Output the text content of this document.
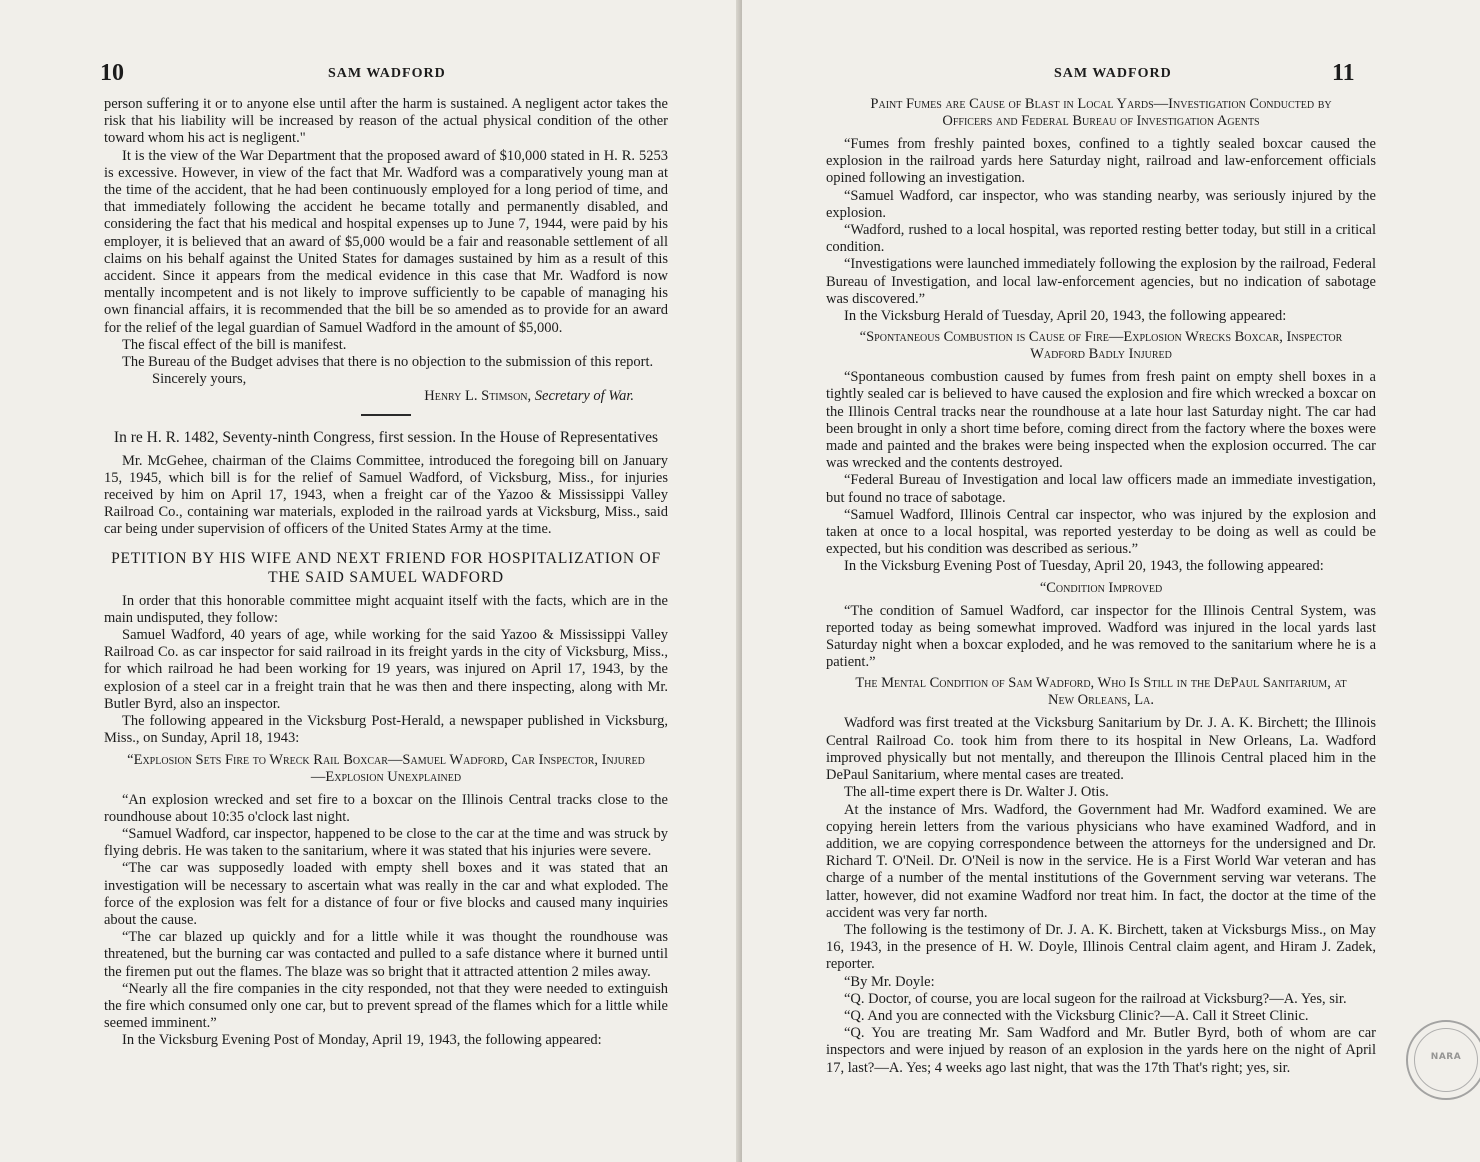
10	SAM WADFORD

person suffering it or to anyone else until after the harm is sustained. A negligent actor takes the risk that his liability will be increased by reason of the actual physical condition of the other toward whom his act is negligent."

It is the view of the War Department that the proposed award of $10,000 stated in H. R. 5253 is excessive. However, in view of the fact that Mr. Wadford was a comparatively young man at the time of the accident, that he had been continuously employed for a long period of time, and that immediately following the accident he became totally and permanently disabled, and considering the fact that his medical and hospital expenses up to June 7, 1944, were paid by his employer, it is believed that an award of $5,000 would be a fair and reasonable settlement of all claims on his behalf against the United States for damages sustained by him as a result of this accident. Since it appears from the medical evidence in this case that Mr. Wadford is now mentally incompetent and is not likely to improve sufficiently to be capable of managing his own financial affairs, it is recommended that the bill be so amended as to provide for an award for the relief of the legal guardian of Samuel Wadford in the amount of $5,000.

The fiscal effect of the bill is manifest.

The Bureau of the Budget advises that there is no objection to the submission of this report.

Sincerely yours,

Henry L. Stimson, Secretary of War.

In re H. R. 1482, Seventy-ninth Congress, first session. In the House of Representatives

Mr. McGehee, chairman of the Claims Committee, introduced the foregoing bill on January 15, 1945, which bill is for the relief of Samuel Wadford, of Vicksburg, Miss., for injuries received by him on April 17, 1943, when a freight car of the Yazoo & Mississippi Valley Railroad Co., containing war materials, exploded in the railroad yards at Vicksburg, Miss., said car being under supervision of officers of the United States Army at the time.

PETITION BY HIS WIFE AND NEXT FRIEND FOR HOSPITALIZATION OF THE SAID SAMUEL WADFORD

In order that this honorable committee might acquaint itself with the facts, which are in the main undisputed, they follow:

Samuel Wadford, 40 years of age, while working for the said Yazoo & Mississippi Valley Railroad Co. as car inspector for said railroad in its freight yards in the city of Vicksburg, Miss., for which railroad he had been working for 19 years, was injured on April 17, 1943, by the explosion of a steel car in a freight train that he was then and there inspecting, along with Mr. Butler Byrd, also an inspector.

The following appeared in the Vicksburg Post-Herald, a newspaper published in Vicksburg, Miss., on Sunday, April 18, 1943:

“Explosion Sets Fire to Wreck Rail Boxcar—Samuel Wadford, Car Inspector, Injured—Explosion Unexplained

“An explosion wrecked and set fire to a boxcar on the Illinois Central tracks close to the roundhouse about 10:35 o'clock last night.

“Samuel Wadford, car inspector, happened to be close to the car at the time and was struck by flying debris. He was taken to the sanitarium, where it was stated that his injuries were severe.

“The car was supposedly loaded with empty shell boxes and it was stated that an investigation will be necessary to ascertain what was really in the car and what exploded. The force of the explosion was felt for a distance of four or five blocks and caused many inquiries about the cause.

“The car blazed up quickly and for a little while it was thought the roundhouse was threatened, but the burning car was contacted and pulled to a safe distance where it burned until the firemen put out the flames. The blaze was so bright that it attracted attention 2 miles away.

“Nearly all the fire companies in the city responded, not that they were needed to extinguish the fire which consumed only one car, but to prevent spread of the flames which for a little while seemed imminent.”

In the Vicksburg Evening Post of Monday, April 19, 1943, the following appeared:

SAM WADFORD	11
Paint Fumes are Cause of Blast in Local Yards—Investigation Conducted by Officers and Federal Bureau of Investigation Agents

“Fumes from freshly painted boxes, confined to a tightly sealed boxcar caused the explosion in the railroad yards here Saturday night, railroad and law-enforcement officials opined following an investigation.

“Samuel Wadford, car inspector, who was standing nearby, was seriously injured by the explosion.

“Wadford, rushed to a local hospital, was reported resting better today, but still in a critical condition.

“Investigations were launched immediately following the explosion by the railroad, Federal Bureau of Investigation, and local law-enforcement agencies, but no indication of sabotage was discovered.”

In the Vicksburg Herald of Tuesday, April 20, 1943, the following appeared:

“Spontaneous Combustion is Cause of Fire—Explosion Wrecks Boxcar, Inspector Wadford Badly Injured

“Spontaneous combustion caused by fumes from fresh paint on empty shell boxes in a tightly sealed car is believed to have caused the explosion and fire which wrecked a boxcar on the Illinois Central tracks near the roundhouse at a late hour last Saturday night. The car had been brought in only a short time before, coming direct from the factory where the boxes were made and painted and the brakes were being inspected when the explosion occurred. The car was wrecked and the contents destroyed.

“Federal Bureau of Investigation and local law officers made an immediate investigation, but found no trace of sabotage.

“Samuel Wadford, Illinois Central car inspector, who was injured by the explosion and taken at once to a local hospital, was reported yesterday to be doing as well as could be expected, but his condition was described as serious.”

In the Vicksburg Evening Post of Tuesday, April 20, 1943, the following appeared:

“Condition Improved

“The condition of Samuel Wadford, car inspector for the Illinois Central System, was reported today as being somewhat improved. Wadford was injured in the local yards last Saturday night when a boxcar exploded, and he was removed to the sanitarium where he is a patient.”

The Mental Condition of Sam Wadford, Who Is Still in the DePaul Sanitarium, at New Orleans, La.

Wadford was first treated at the Vicksburg Sanitarium by Dr. J. A. K. Birchett; the Illinois Central Railroad Co. took him from there to its hospital in New Orleans, La. Wadford improved physically but not mentally, and thereupon the Illinois Central placed him in the DePaul Sanitarium, where mental cases are treated.

The all-time expert there is Dr. Walter J. Otis.

At the instance of Mrs. Wadford, the Government had Mr. Wadford examined. We are copying herein letters from the various physicians who have examined Wadford, and in addition, we are copying correspondence between the attorneys for the undersigned and Dr. Richard T. O'Neil. Dr. O'Neil is now in the service. He is a First World War veteran and has charge of a number of the mental institutions of the Government serving war veterans. The latter, however, did not examine Wadford nor treat him. In fact, the doctor at the time of the accident was very far north.

The following is the testimony of Dr. J. A. K. Birchett, taken at Vicksburgs Miss., on May 16, 1943, in the presence of H. W. Doyle, Illinois Central claim agent, and Hiram J. Zadek, reporter.

“By Mr. Doyle:

“Q. Doctor, of course, you are local sugeon for the railroad at Vicksburg?—A. Yes, sir.

“Q. And you are connected with the Vicksburg Clinic?—A. Call it Street Clinic.

“Q. You are treating Mr. Sam Wadford and Mr. Butler Byrd, both of whom are car inspectors and were injued by reason of an explosion in the yards here on the night of April 17, last?—A. Yes; 4 weeks ago last night, that was the 17th That's right; yes, sir.

NARA
